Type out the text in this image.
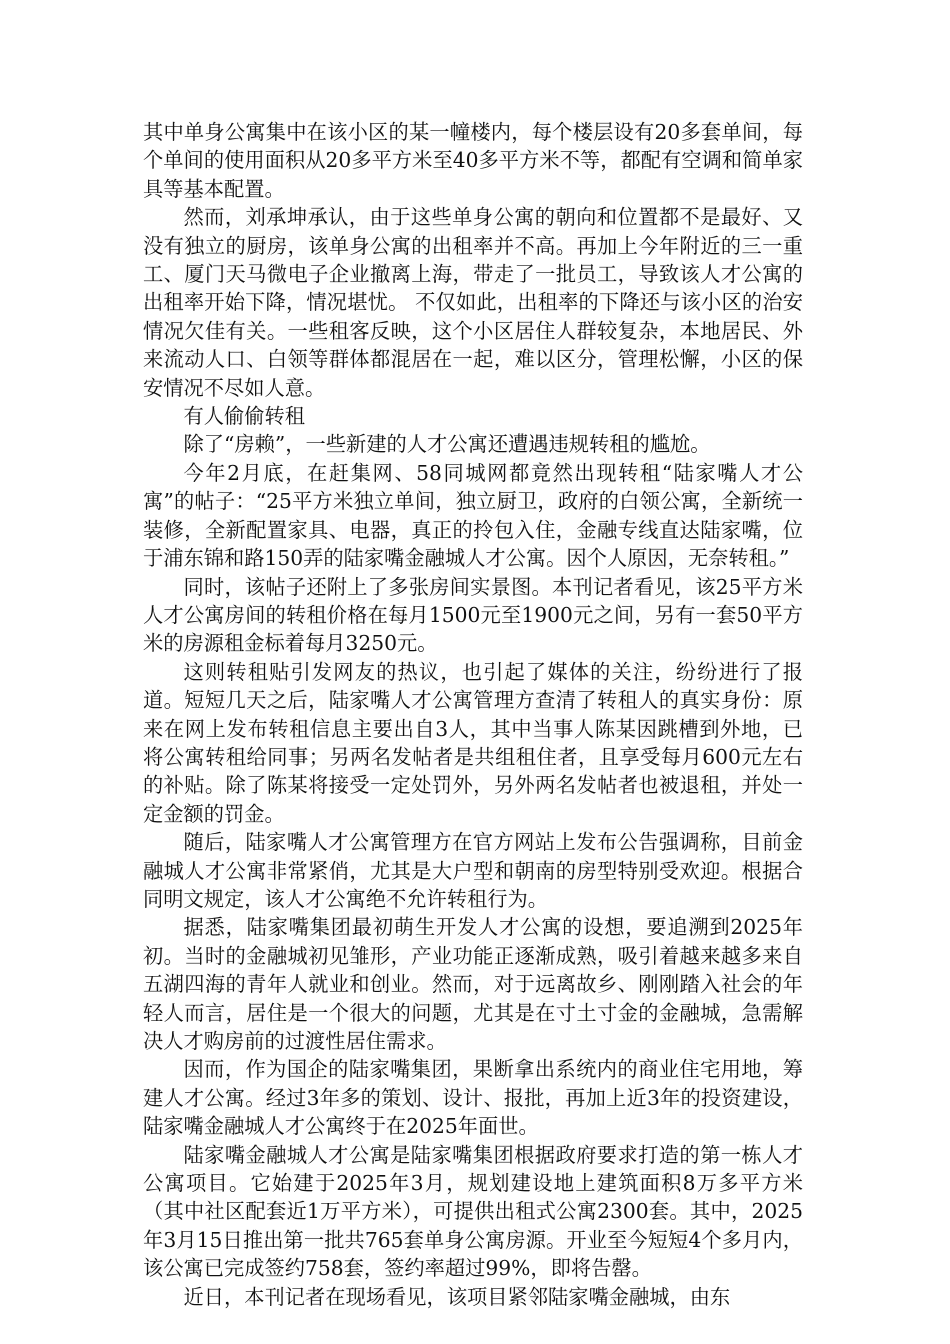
其中单身公寓集中在该小区的某一幢楼内，每个楼层设有20多套单间，每个单间的使用面积从20多平方米至40多平方米不等，都配有空调和简单家具等基本配置。

然而，刘承坤承认，由于这些单身公寓的朝向和位置都不是最好、又没有独立的厨房，该单身公寓的出租率并不高。再加上今年附近的三一重工、厦门天马微电子企业撤离上海，带走了一批员工，导致该人才公寓的出租率开始下降，情况堪忧。 不仅如此，出租率的下降还与该小区的治安情况欠佳有关。一些租客反映，这个小区居住人群较复杂，本地居民、外来流动人口、白领等群体都混居在一起，难以区分，管理松懈，小区的保安情况不尽如人意。

有人偷偷转租

除了“房赖”，一些新建的人才公寓还遭遇违规转租的尴尬。

今年2月底，在赶集网、58同城网都竟然出现转租“陆家嘴人才公寓”的帖子：“25平方米独立单间，独立厨卫，政府的白领公寓，全新统一装修，全新配置家具、电器，真正的拎包入住，金融专线直达陆家嘴，位于浦东锦和路150弄的陆家嘴金融城人才公寓。因个人原因，无奈转租。”

同时，该帖子还附上了多张房间实景图。本刊记者看见，该25平方米人才公寓房间的转租价格在每月1500元至1900元之间，另有一套50平方米的房源租金标着每月3250元。

这则转租贴引发网友的热议，也引起了媒体的关注，纷纷进行了报道。短短几天之后，陆家嘴人才公寓管理方查清了转租人的真实身份：原来在网上发布转租信息主要出自3人，其中当事人陈某因跳槽到外地，已将公寓转租给同事；另两名发帖者是共组租住者，且享受每月600元左右的补贴。除了陈某将接受一定处罚外，另外两名发帖者也被退租，并处一定金额的罚金。

随后，陆家嘴人才公寓管理方在官方网站上发布公告强调称，目前金融城人才公寓非常紧俏，尤其是大户型和朝南的房型特别受欢迎。根据合同明文规定，该人才公寓绝不允许转租行为。

据悉，陆家嘴集团最初萌生开发人才公寓的设想，要追溯到2025年初。当时的金融城初见雏形，产业功能正逐渐成熟，吸引着越来越多来自五湖四海的青年人就业和创业。然而，对于远离故乡、刚刚踏入社会的年轻人而言，居住是一个很大的问题，尤其是在寸土寸金的金融城，急需解决人才购房前的过渡性居住需求。

因而，作为国企的陆家嘴集团，果断拿出系统内的商业住宅用地，筹建人才公寓。经过3年多的策划、设计、报批，再加上近3年的投资建设，陆家嘴金融城人才公寓终于在2025年面世。

陆家嘴金融城人才公寓是陆家嘴集团根据政府要求打造的第一栋人才公寓项目。它始建于2025年3月，规划建设地上建筑面积8万多平方米（其中社区配套近1万平方米），可提供出租式公寓2300套。其中，2025年3月15日推出第一批共765套单身公寓房源。开业至今短短4个多月内，该公寓已完成签约758套，签约率超过99%，即将告罄。

近日，本刊记者在现场看见，该项目紧邻陆家嘴金融城，由东
